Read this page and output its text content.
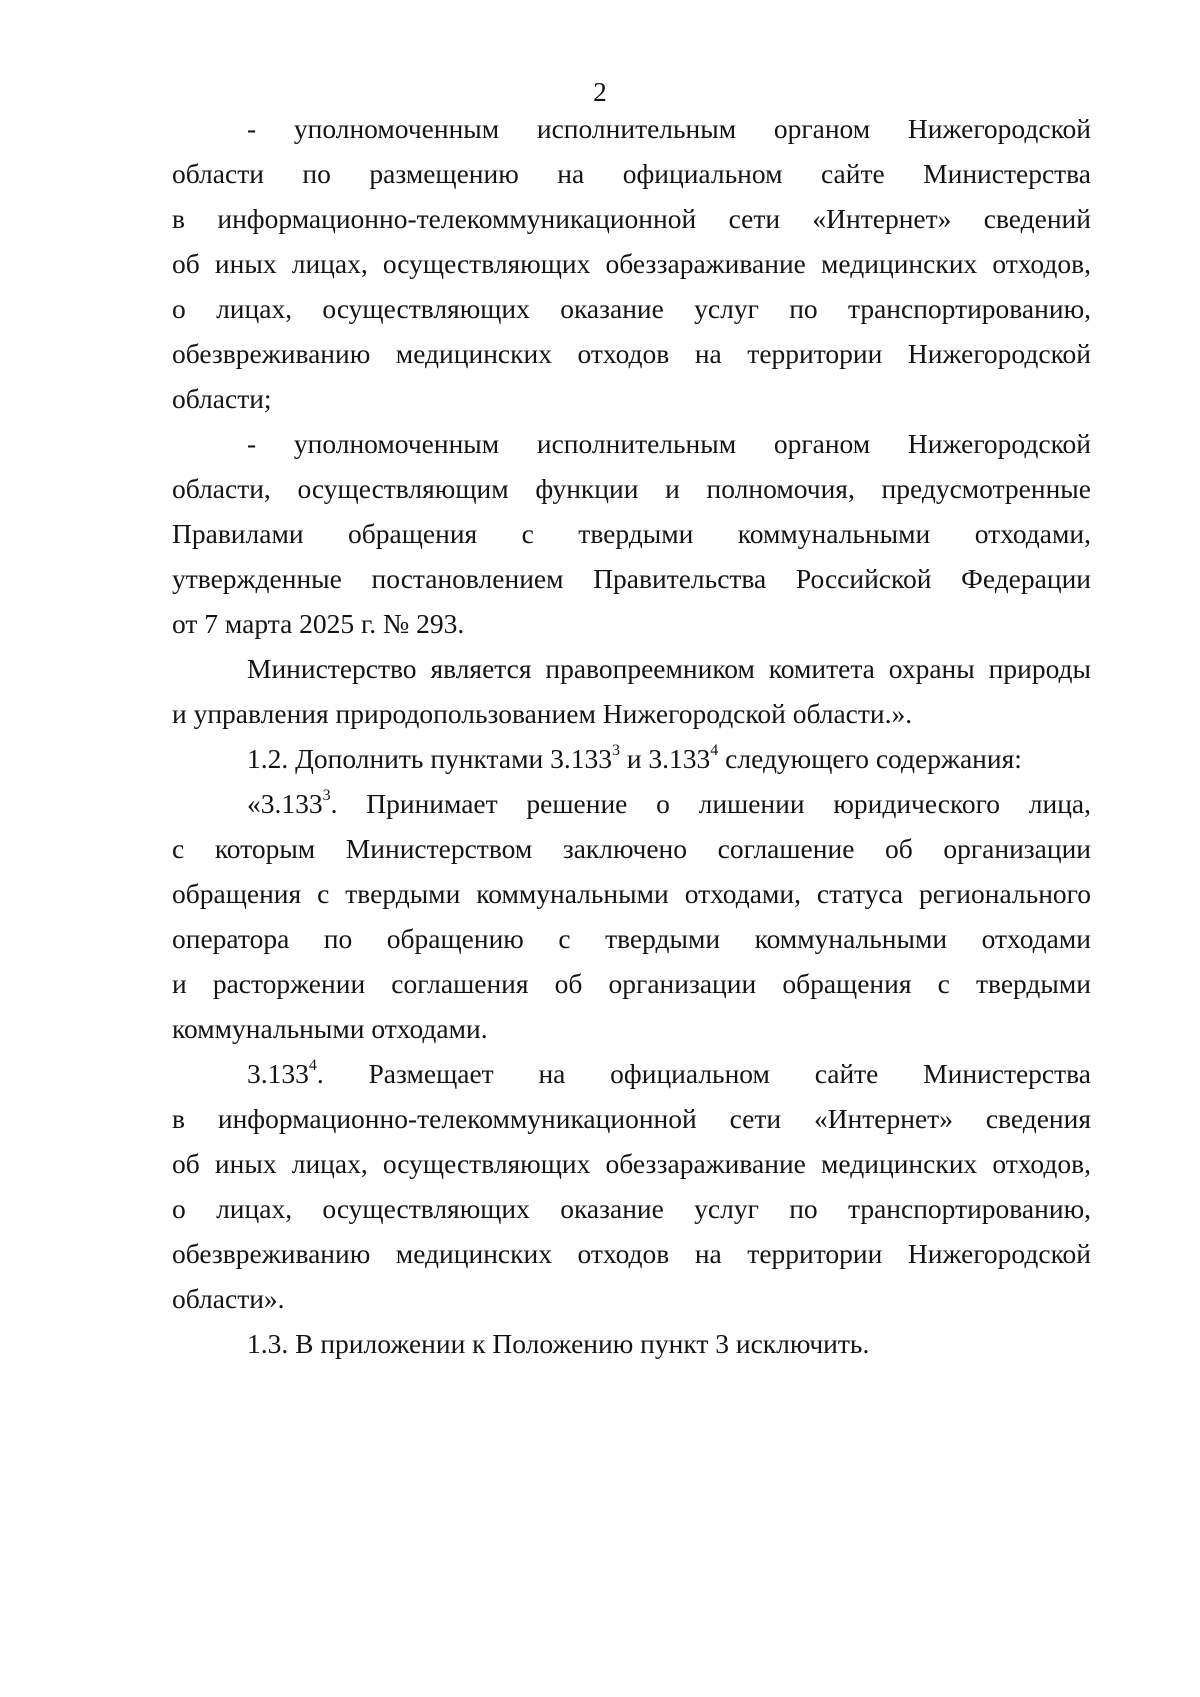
2
- уполномоченным исполнительным органом Нижегородской
области по размещению на официальном сайте Министерства
в информационно-телекоммуникационной сети «Интернет» сведений
об иных лицах, осуществляющих обеззараживание медицинских отходов,
о лицах, осуществляющих оказание услуг по транспортированию,
обезвреживанию медицинских отходов на территории Нижегородской
области;
- уполномоченным исполнительным органом Нижегородской
области, осуществляющим функции и полномочия, предусмотренные
Правилами обращения с твердыми коммунальными отходами,
утвержденные постановлением Правительства Российской Федерации
от 7 марта 2025 г. № 293.
Министерство является правопреемником комитета охраны природы
и управления природопользованием Нижегородской области.».
1.2. Дополнить пунктами 3.133$^3$ и 3.133$^4$ следующего содержания:
«3.133$^3$. Принимает решение о лишении юридического лица,
с которым Министерством заключено соглашение об организации
обращения с твердыми коммунальными отходами, статуса регионального
оператора по обращению с твердыми коммунальными отходами
и расторжении соглашения об организации обращения с твердыми
коммунальными отходами.
3.133$^4$. Размещает на официальном сайте Министерства
в информационно-телекоммуникационной сети «Интернет» сведения
об иных лицах, осуществляющих обеззараживание медицинских отходов,
о лицах, осуществляющих оказание услуг по транспортированию,
обезвреживанию медицинских отходов на территории Нижегородской
области».
1.3. В приложении к Положению пункт 3 исключить.
